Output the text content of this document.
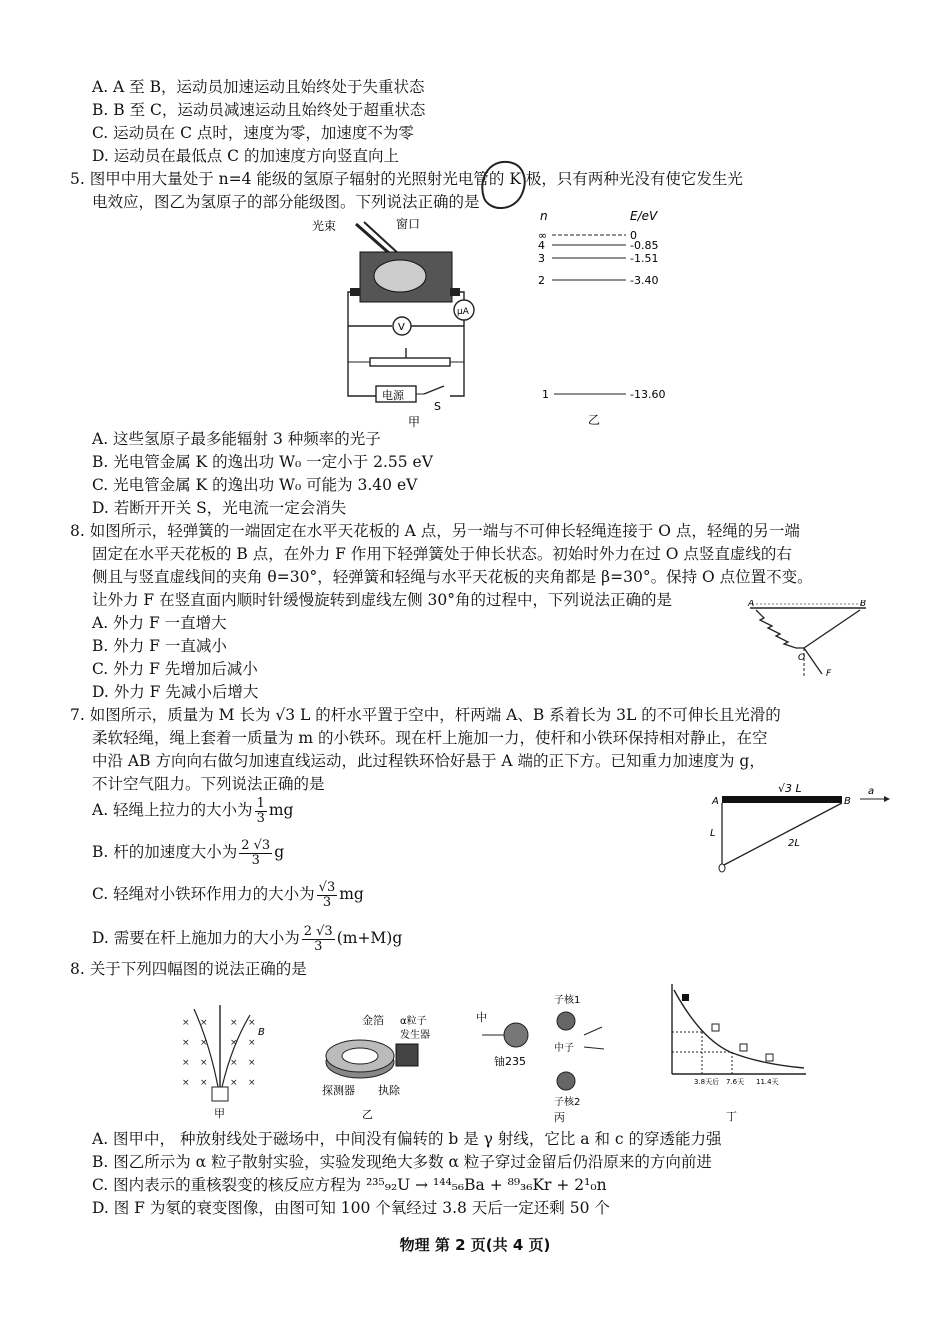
A. A 至 B，运动员加速运动且始终处于失重状态
B. B 至 C，运动员减速运动且始终处于超重状态
C. 运动员在 C 点时，速度为零，加速度不为零
D. 运动员在最低点 C 的加速度方向竖直向上
5. 图甲中用大量处于 n=4 能级的氢原子辐射的光照射光电管的 K 极，只有两种光没有使它发生光
电效应，图乙为氢原子的部分能级图。下列说法正确的是
光束	窗口
μA
V
电源
S
甲
n	E/eV
∞	0
4	-0.85
3	-1.51
2	-3.40
1	-13.60
乙
A. 这些氢原子最多能辐射 3 种频率的光子
B. 光电管金属 K 的逸出功 W₀ 一定小于 2.55 eV
C. 光电管金属 K 的逸出功 W₀ 可能为 3.40 eV
D. 若断开开关 S，光电流一定会消失
8. 如图所示，轻弹簧的一端固定在水平天花板的 A 点，另一端与不可伸长轻绳连接于 O 点，轻绳的另一端
固定在水平天花板的 B 点，在外力 F 作用下轻弹簧处于伸长状态。初始时外力在过 O 点竖直虚线的右
侧且与竖直虚线间的夹角 θ=30°，轻弹簧和轻绳与水平天花板的夹角都是 β=30°。保持 O 点位置不变。
让外力 F 在竖直面内顺时针缓慢旋转到虚线左侧 30°角的过程中，下列说法正确的是
A. 外力 F 一直增大
B. 外力 F 一直减小
C. 外力 F 先增加后减小
D. 外力 F 先减小后增大
A	B
O
F
7. 如图所示，质量为 M 长为 √3 L 的杆水平置于空中，杆两端 A、B 系着长为 3L 的不可伸长且光滑的
柔软轻绳，绳上套着一质量为 m 的小铁环。现在杆上施加一力，使杆和小铁环保持相对静止，在空
中沿 AB 方向向右做匀加速直线运动，此过程铁环恰好悬于 A 端的正下方。已知重力加速度为 g，
不计空气阻力。下列说法正确的是
A. 轻绳上拉力的大小为 $\frac{1}{3}$ mg
B. 杆的加速度大小为 $\frac{2 √3}{3}$ g
C. 轻绳对小铁环作用力的大小为 $\frac{√3}{3}$ mg
D. 需要在杆上施加力的大小为 $\frac{2 √3}{3} (m+M)g$
√3 L
A	B
a
L
2L
8. 关于下列四幅图的说法正确的是
× × × ×
× × × ×
× × × ×
× × × ×
B
甲
金箔 α粒子
发生器
探测器 执除
乙
中
铀235
子核1
中子
子核2
丙
3.8天后 7.6天 11.4天
丁
A. 图甲中， 种放射线处于磁场中，中间没有偏转的 b 是 γ 射线，它比 a 和 c 的穿透能力强
B. 图乙所示为 α 粒子散射实验，实验发现绝大多数 α 粒子穿过金留后仍沿原来的方向前进
C. 图内表示的重核裂变的核反应方程为 ²³⁵₉₂U → ¹⁴⁴₅₆Ba + ⁸⁹₃₆Kr + 2¹₀n
D. 图 F 为氡的衰变图像，由图可知 100 个氧经过 3.8 天后一定还剩 50 个
物理 第 2 页(共 4 页)
